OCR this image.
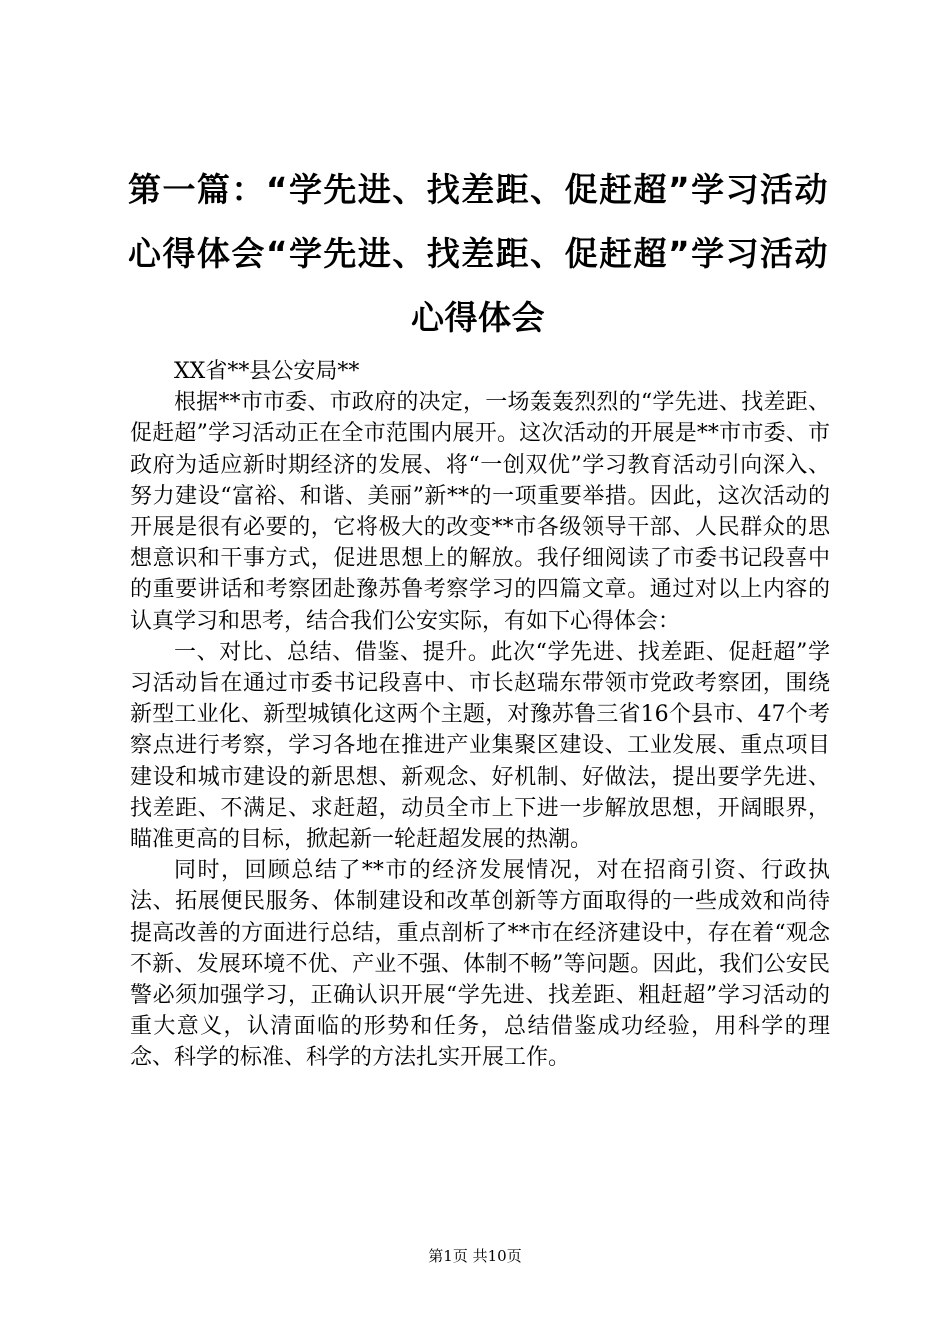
第一篇：“学先进、找差距、促赶超”学习活动心得体会“学先进、找差距、促赶超”学习活动心得体会

XX省**县公安局**

根据**市市委、市政府的决定，一场轰轰烈烈的“学先进、找差距、促赶超”学习活动正在全市范围内展开。这次活动的开展是**市市委、市政府为适应新时期经济的发展、将“一创双优”学习教育活动引向深入、努力建设“富裕、和谐、美丽”新**的一项重要举措。因此，这次活动的开展是很有必要的，它将极大的改变**市各级领导干部、人民群众的思想意识和干事方式，促进思想上的解放。我仔细阅读了市委书记段喜中的重要讲话和考察团赴豫苏鲁考察学习的四篇文章。通过对以上内容的认真学习和思考，结合我们公安实际，有如下心得体会：

一、对比、总结、借鉴、提升。此次“学先进、找差距、促赶超”学习活动旨在通过市委书记段喜中、市长赵瑞东带领市党政考察团，围绕新型工业化、新型城镇化这两个主题，对豫苏鲁三省16个县市、47个考察点进行考察，学习各地在推进产业集聚区建设、工业发展、重点项目建设和城市建设的新思想、新观念、好机制、好做法，提出要学先进、找差距、不满足、求赶超，动员全市上下进一步解放思想，开阔眼界，瞄准更高的目标，掀起新一轮赶超发展的热潮。

同时，回顾总结了**市的经济发展情况，对在招商引资、行政执法、拓展便民服务、体制建设和改革创新等方面取得的一些成效和尚待提高改善的方面进行总结，重点剖析了**市在经济建设中，存在着“观念不新、发展环境不优、产业不强、体制不畅”等问题。因此，我们公安民警必须加强学习，正确认识开展“学先进、找差距、粗赶超”学习活动的重大意义，认清面临的形势和任务，总结借鉴成功经验，用科学的理念、科学的标准、科学的方法扎实开展工作。

第1页 共10页
